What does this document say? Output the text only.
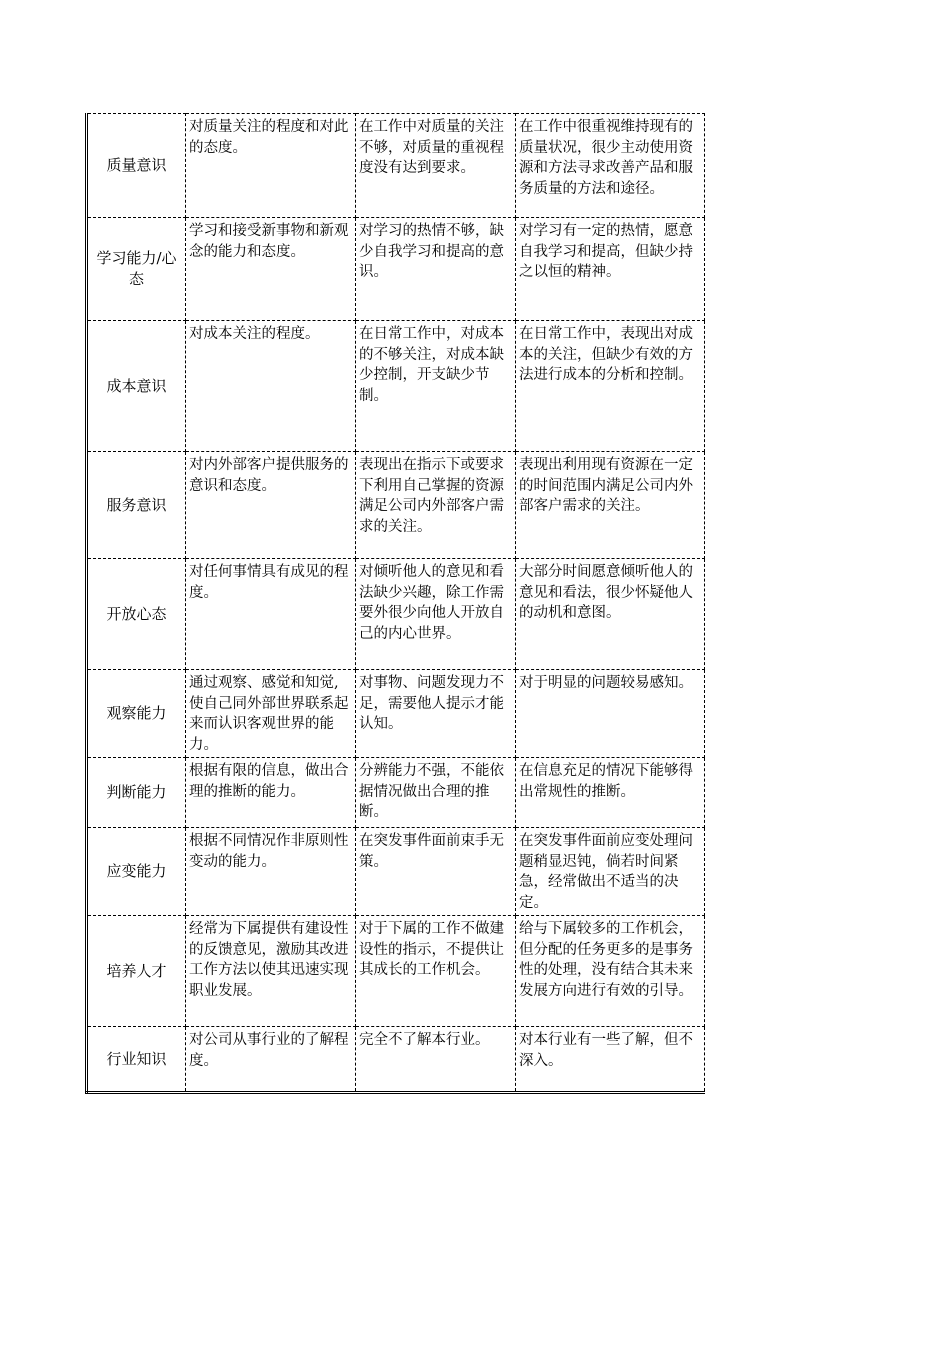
质量意识	对质量关注的程度和对此的态度。	在工作中对质量的关注不够，对质量的重视程度没有达到要求。	在工作中很重视维持现有的质量状况，很少主动使用资源和方法寻求改善产品和服务质量的方法和途径。
学习能力/心态	学习和接受新事物和新观念的能力和态度。	对学习的热情不够，缺少自我学习和提高的意识。	对学习有一定的热情，愿意自我学习和提高，但缺少持之以恒的精神。
成本意识	对成本关注的程度。	在日常工作中，对成本的不够关注，对成本缺少控制，开支缺少节制。	在日常工作中，表现出对成本的关注，但缺少有效的方法进行成本的分析和控制。
服务意识	对内外部客户提供服务的意识和态度。	表现出在指示下或要求下利用自己掌握的资源满足公司内外部客户需求的关注。	表现出利用现有资源在一定的时间范围内满足公司内外部客户需求的关注。
开放心态	对任何事情具有成见的程度。	对倾听他人的意见和看法缺少兴趣，除工作需要外很少向他人开放自己的内心世界。	大部分时间愿意倾听他人的意见和看法，很少怀疑他人的动机和意图。
观察能力	通过观察、感觉和知觉,使自己同外部世界联系起来而认识客观世界的能力。	对事物、问题发现力不足，需要他人提示才能认知。	对于明显的问题较易感知。
判断能力	根据有限的信息，做出合理的推断的能力。	分辨能力不强，不能依据情况做出合理的推断。	在信息充足的情况下能够得出常规性的推断。
应变能力	根据不同情况作非原则性变动的能力。	在突发事件面前束手无策。	在突发事件面前应变处理问题稍显迟钝，倘若时间紧急，经常做出不适当的决定。
培养人才	经常为下属提供有建设性的反馈意见，激励其改进工作方法以使其迅速实现职业发展。	对于下属的工作不做建设性的指示，不提供让其成长的工作机会。	给与下属较多的工作机会，但分配的任务更多的是事务性的处理，没有结合其未来发展方向进行有效的引导。
行业知识	对公司从事行业的了解程度。	完全不了解本行业。	对本行业有一些了解，但不深入。
